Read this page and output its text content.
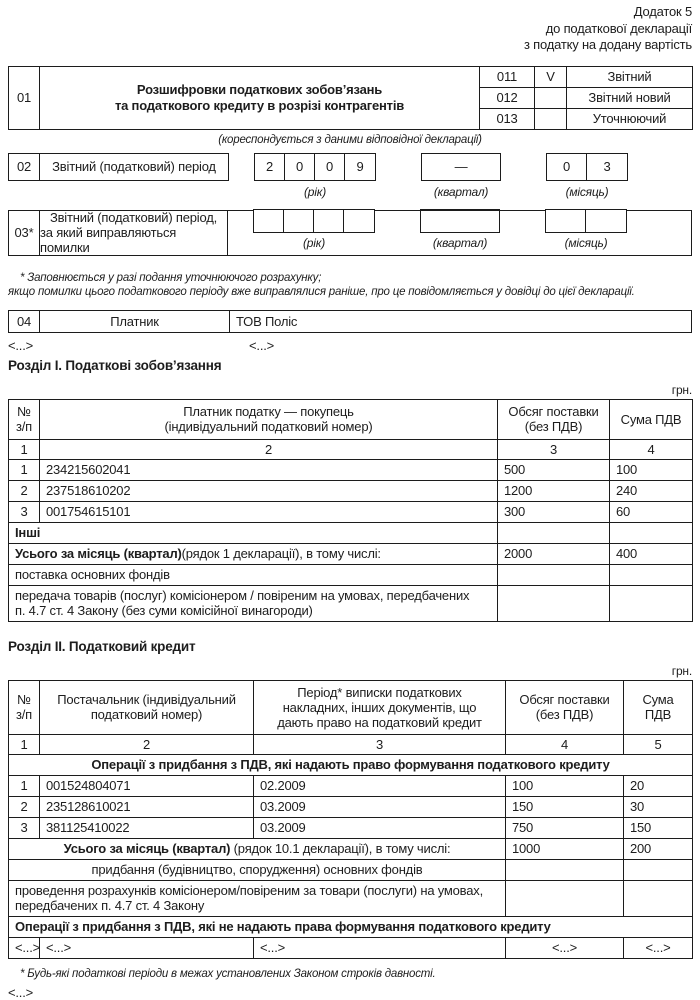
Додаток 5
до податкової декларації
з податку на додану вартість
01	Розшифровки податкових зобов’язань
та податкового кредиту в розрізі контрагентів	011	V	Звітний
		012		Звітний новий
		013		Уточнюючий
(кореспондується з даними відповідної декларації)
02	Звітний (податковий) період	2	0	0	9
(рік)
—
(квартал)
0	3
(місяць)
03*
Звітний (податковий) період,
за який виправляються помилки	(рік)	(квартал)	(місяць)
* Заповнюється у разі подання уточнюючого розрахунку;
якщо помилки цього податкового періоду вже виправлялися раніше, про це повідомляється у довідці до цієї декларації.
04	Платник	ТОВ Поліс
<...>	<...>
Розділ I. Податкові зобов’язання
грн.
№
з/п	Платник податку — покупець
(індивідуальний податковий номер)	Обсяг поставки
(без ПДВ)	Сума ПДВ
1	2	3	4
1	234215602041	500	100
2	237518610202	1200	240
3	001754615101	300	60
Інші			
Усього за місяць (квартал)(рядок 1 декларації), в тому числі:		2000	400
поставка основних фондів			

передача товарів (послуг) комісіонером / повіреним на умовах, передбачених
п. 4.7 ст. 4 Закону (без суми комісійної винагороди)			

Розділ II. Податковий кредит
грн.
№
з/п	Постачальник (індивідуальний
податковий номер)	Період* виписки податкових
накладних, інших документів, що
дають право на податковий кредит	Обсяг поставки
(без ПДВ)	Сума
ПДВ

1	2	3	4	5
Операції з придбання з ПДВ, які надають право формування податкового кредиту				
1	001524804071	02.2009	100	20
2	235128610021	03.2009	150	30
3	381125410022	03.2009	750	150
Усього за місяць (квартал) (рядок 10.1 декларації), в тому числі:			1000	200
придбання (будівництво, спорудження) основних фондів				

проведення розрахунків комісіонером/повіреним за товари (послуги) на умовах,
передбачених п. 4.7 ст. 4 Закону				

Операції з придбання з ПДВ, які не надають права формування податкового кредиту				
<...>	<...>	<...>	<...>	<...>
* Будь-які податкові періоди в межах установлених Законом строків давності.
<...>
